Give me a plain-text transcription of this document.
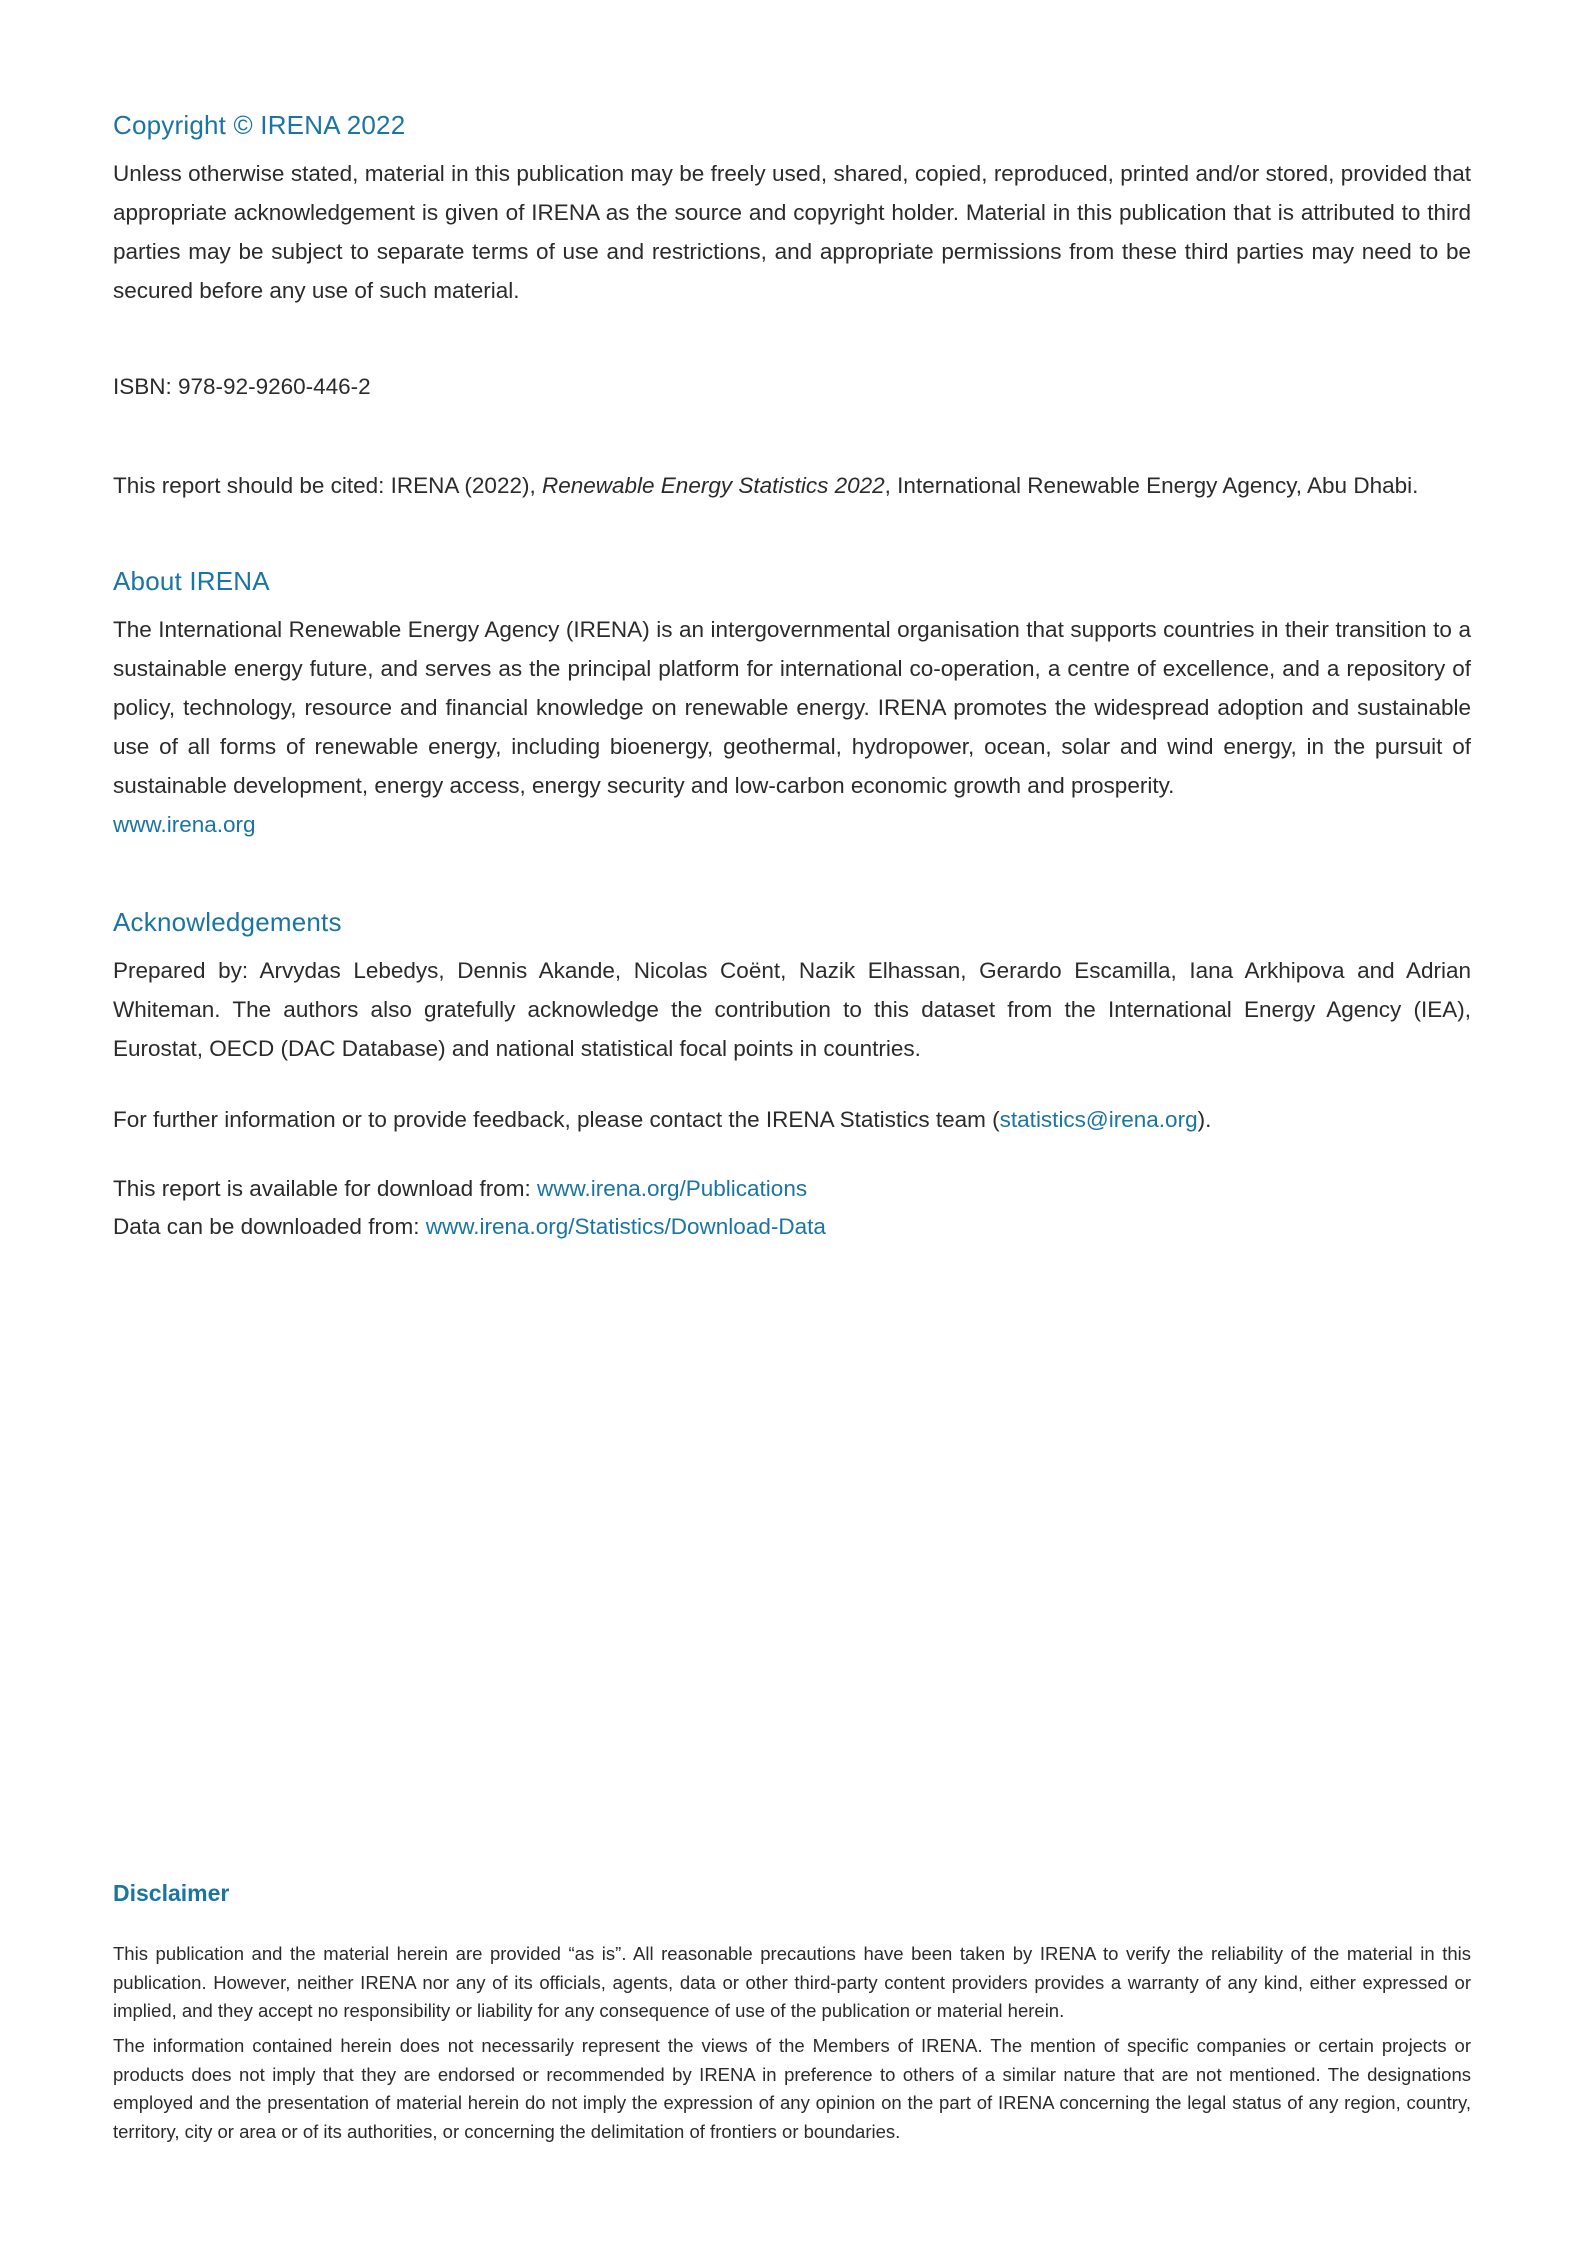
Copyright © IRENA 2022

Unless otherwise stated, material in this publication may be freely used, shared, copied, reproduced, printed and/or stored, provided that appropriate acknowledgement is given of IRENA as the source and copyright holder. Material in this publication that is attributed to third parties may be subject to separate terms of use and restrictions, and appropriate permissions from these third parties may need to be secured before any use of such material.

ISBN: 978-92-9260-446-2

This report should be cited: IRENA (2022), Renewable Energy Statistics 2022, International Renewable Energy Agency, Abu Dhabi.

About IRENA

The International Renewable Energy Agency (IRENA) is an intergovernmental organisation that supports countries in their transition to a sustainable energy future, and serves as the principal platform for international co-operation, a centre of excellence, and a repository of policy, technology, resource and financial knowledge on renewable energy. IRENA promotes the widespread adoption and sustainable use of all forms of renewable energy, including bioenergy, geothermal, hydropower, ocean, solar and wind energy, in the pursuit of sustainable development, energy access, energy security and low-carbon economic growth and prosperity.

www.irena.org
Acknowledgements

Prepared by: Arvydas Lebedys, Dennis Akande, Nicolas Coënt, Nazik Elhassan, Gerardo Escamilla, Iana Arkhipova and Adrian Whiteman. The authors also gratefully acknowledge the contribution to this dataset from the International Energy Agency (IEA), Eurostat, OECD (DAC Database) and national statistical focal points in countries.

For further information or to provide feedback, please contact the IRENA Statistics team (statistics@irena.org).

This report is available for download from: www.irena.org/Publications
Data can be downloaded from: www.irena.org/Statistics/Download-Data

Disclaimer

This publication and the material herein are provided “as is”. All reasonable precautions have been taken by IRENA to verify the reliability of the material in this publication. However, neither IRENA nor any of its officials, agents, data or other third-party content providers provides a warranty of any kind, either expressed or implied, and they accept no responsibility or liability for any consequence of use of the publication or material herein.

The information contained herein does not necessarily represent the views of the Members of IRENA. The mention of specific companies or certain projects or products does not imply that they are endorsed or recommended by IRENA in preference to others of a similar nature that are not mentioned. The designations employed and the presentation of material herein do not imply the expression of any opinion on the part of IRENA concerning the legal status of any region, country, territory, city or area or of its authorities, or concerning the delimitation of frontiers or boundaries.
